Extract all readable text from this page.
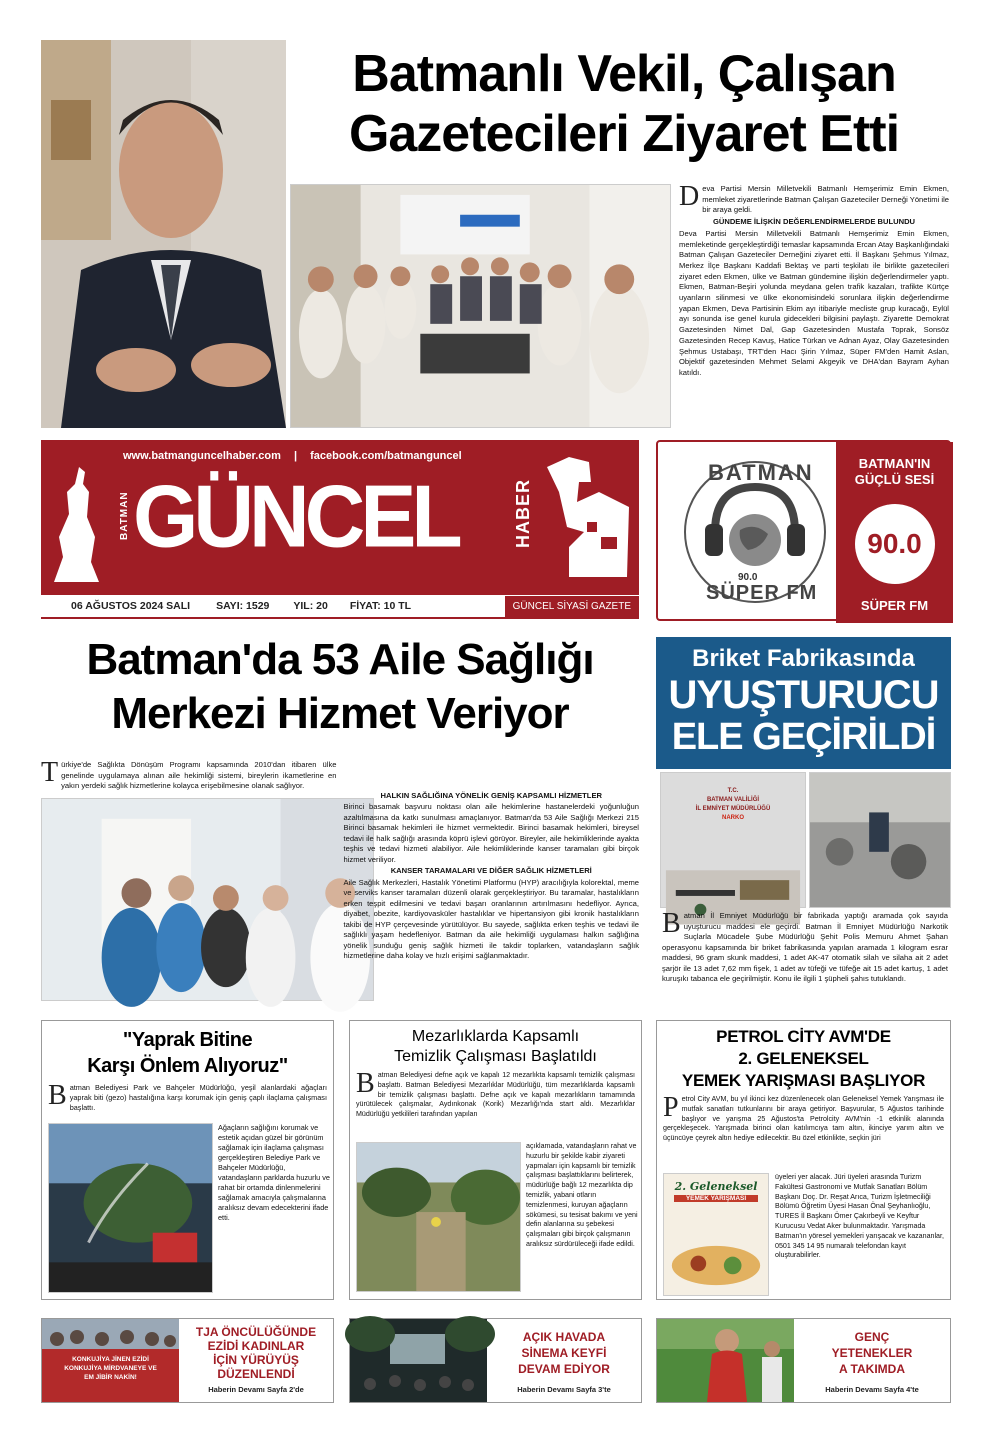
Batmanlı Vekil, Çalışan
Gazetecileri Ziyaret Etti
D eva Partisi Mersin Milletvekili Batmanlı Hemşerimiz Emin Ekmen, memleket ziyaretlerinde Batman Çalışan Gazeteciler Derneği Yönetimi ile bir araya geldi.
GÜNDEME İLİŞKİN DEĞERLENDİRMELERDE BULUNDU
Deva Partisi Mersin Milletvekili Batmanlı Hemşerimiz Emin Ekmen, memleketinde gerçekleştirdiği temaslar kapsamında Ercan Atay Başkanlığındaki Batman Çalışan Gazeteciler Derneğini ziyaret etti. İl Başkanı Şehmus Yılmaz, Merkez İlçe Başkanı Kaddafi Bektaş ve parti teşkilatı ile birlikte gazetecileri ziyaret eden Ekmen, ülke ve Batman gündemine ilişkin değerlendirmeler yaptı. Ekmen, Batman-Beşiri yolunda meydana gelen trafik kazaları, trafikte Kürtçe uyarıların silinmesi ve ülke ekonomisindeki sorunlara ilişkin değerlendirme yapan Ekmen, Deva Partisinin Ekim ayı itibariyle mecliste grup kuracağı, Eylül ayı sonunda ise genel kurula gidecekleri bilgisini paylaştı. Ziyarette Demokrat Gazetesinden Nimet Dal, Gap Gazetesinden Mustafa Toprak, Sonsöz Gazetesinden Recep Kavuş, Hatice Türkan ve Adnan Ayaz, Olay Gazetesinden Şehmus Ustabaşı, TRT'den Hacı Şirin Yılmaz, Süper FM'den Hamit Aslan, Objektif gazetesinden Mehmet Selami Akgeyik ve DHA'dan Bayram Ayhan katıldı.
www.batmanguncelhaber.com | facebook.com/batmanguncel
BATMAN GÜNCEL	HABER
06 AĞUSTOS 2024 SALI SAYI: 1529 YIL: 20 FİYAT: 10 TL	GÜNCEL SİYASİ GAZETE
BATMAN
90.0
SÜPER FM
BATMAN'IN
GÜÇLÜ SESİ
90.0
SÜPER FM
Batman'da 53 Aile Sağlığı
Merkezi Hizmet Veriyor
T ürkiye'de Sağlıkta Dönüşüm Programı kapsamında 2010'dan itibaren ülke genelinde uygulamaya alınan aile hekimliği sistemi, bireylerin ikametlerine en yakın yerdeki sağlık hizmetlerine kolayca erişebilmesine olanak sağlıyor.
HALKIN SAĞLIĞINA YÖNELİK GENİŞ KAPSAMLI HİZMETLER
Birinci basamak başvuru noktası olan aile hekimlerine hastanelerdeki yoğunluğun azaltılmasına da katkı sunulması amaçlanıyor. Batman'da 53 Aile Sağlığı Merkezi 215 Birinci basamak hekimleri ile hizmet vermektedir. Birinci basamak hekimleri, bireysel tedavi ile halk sağlığı arasında köprü işlevi görüyor. Bireyler, aile hekimliklerinde ayakta teşhis ve tedavi hizmeti alabiliyor. Aile hekimliklerinde kanser taramaları gibi birçok hizmet veriliyor.
KANSER TARAMALARI VE DİĞER SAĞLIK HİZMETLERİ
Aile Sağlık Merkezleri, Hastalık Yönetimi Platformu (HYP) aracılığıyla kolorektal, meme ve serviks kanser taramaları düzenli olarak gerçekleştiriyor. Bu taramalar, hastalıkların erken teşpit edilmesini ve tedavi başarı oranlarının artırılmasını hedefliyor. Ayrıca, diyabet, obezite, kardiyovasküler hastalıklar ve hipertansiyon gibi kronik hastalıkların takibi de HYP çerçevesinde yürütülüyor. Bu sayede, sağlıkta erken teşhis ve tedavi ile sağlıklı yaşam hedefleniyor. Batman da aile hekimliği uygulaması halkın sağlığına yönelik sunduğu geniş sağlık hizmeti ile takdir toplarken, vatandaşların sağlık hizmetlerine daha kolay ve hızlı erişimi sağlanmaktadır.
Briket Fabrikasında
UYUŞTURUCU
ELE GEÇİRİLDİ
T.C.
BATMAN VALİLİĞİ
İL EMNİYET MÜDÜRLÜĞÜ
NARKO
B atman İl Emniyet Müdürlüğü bir fabrikada yaptığı aramada çok sayıda uyuşturucu maddesi ele geçirdi. Batman İl Emniyet Müdürlüğü Narkotik Suçlarla Mücadele Şube Müdürlüğü Şehit Polis Memuru Ahmet Şahan operasyonu kapsamında bir briket fabrikasında yapılan aramada 1 kilogram esrar maddesi, 96 gram skunk maddesi, 1 adet AK-47 otomatik silah ve silaha ait 2 adet şarjör ile 13 adet 7,62 mm fişek, 1 adet av tüfeği ve tüfeğe ait 15 adet kartuş, 1 adet kuruşıkı tabanca ele geçirilmiştir. Konu ile ilgili 1 şüpheli şahıs tutuklandı.
"Yaprak Bitine
Karşı Önlem Alıyoruz"
B atman Belediyesi Park ve Bahçeler Müdürlüğü, yeşil alanlardaki ağaçları yaprak biti (gezo) hastalığına karşı korumak için geniş çaplı ilaçlama çalışması başlattı.
Ağaçların sağlığını korumak ve estetik açıdan güzel bir görünüm sağlamak için ilaçlama çalışması gerçekleştiren Belediye Park ve Bahçeler Müdürlüğü, vatandaşların parklarda huzurlu ve rahat bir ortamda dinlenmelerini sağlamak amacıyla çalışmalarına aralıksız devam edecekterini ifade etti.
Mezarlıklarda Kapsamlı
Temizlik Çalışması Başlatıldı
B atman Belediyesi defne açık ve kapalı 12 mezarlıkta kapsamlı temizlik çalışması başlattı. Batman Belediyesi Mezarlıklar Müdürlüğü, tüm mezarlıklarda kapsamlı bir temizlik çalışması başlattı. Defne açık ve kapalı mezarlıkların tamamında yürütülecek çalışmalar, Aydınkonak (Korik) Mezarlığı'nda start aldı. Mezarlıklar Müdürlüğü yetkilileri tarafından yapılan
açıklamada, vatandaşların rahat ve huzurlu bir şekilde kabir ziyareti yapmaları için kapsamlı bir temizlik çalışması başlattıklarını belirterek, müdürlüğe bağlı 12 mezarlıkta dip temizlik, yabani otların temizlenmesi, kuruyan ağaçların sökümesi, su tesisat bakımı ve yeni defin alanlarına su şebekesi çalışmaları gibi birçok çalışmanın aralıksız sürdürüleceği ifade edildi.
PETROL CİTY AVM'DE
2. GELENEKSEL
YEMEK YARIŞMASI BAŞLIYOR
P etrol City AVM, bu yıl ikinci kez düzenlenecek olan Geleneksel Yemek Yarışması ile mutfak sanatları tutkunlarını bir araya getiriyor. Başvurular, 5 Ağustos tarihinde başlıyor ve yarışma 25 Ağustos'ta Petrolcity AVM'nin -1 etkinlik alanında gerçekleşecek. Yarışmada birinci olan katılımcıya tam altın, ikinciye yarım altın ve üçüncüye çeyrek altın hediye edilecektir. Bu özel etkinlikte, seçkin jüri
2. Geleneksel
YEMEK YARIŞMASI
üyeleri yer alacak. Jüri üyeleri arasında Turizm Fakültesi Gastronomi ve Mutfak Sanatları Bölüm Başkanı Doç. Dr. Reşat Arıca, Turizm İşletmeciliği Bölümü Öğretim Üyesi Hasan Önal Şeyhanlıoğlu, TURES İl Başkanı Ömer Çakırbeyli ve Keyftur Kurucusu Vedat Aker bulunmaktadır. Yarışmada Batman'ın yöresel yemekleri yarışacak ve kazananlar, 0501 345 14 95 numaralı telefondan kayıt oluşturabilirler.
KONKUJİYA JİNEN EZİDİ
KONKUJİYA MİRDVANEYE VE
EM JİBİR NAKİN!
TJA ÖNCÜLÜĞÜNDE
EZİDİ KADINLAR
İÇİN YÜRÜYÜŞ
DÜZENLENDİ
Haberin Devamı Sayfa 2'de
AÇIK HAVADA
SİNEMA KEYFİ
DEVAM EDİYOR
Haberin Devamı Sayfa 3'te
GENÇ
YETENEKLER
A TAKIMDA
Haberin Devamı Sayfa 4'te
